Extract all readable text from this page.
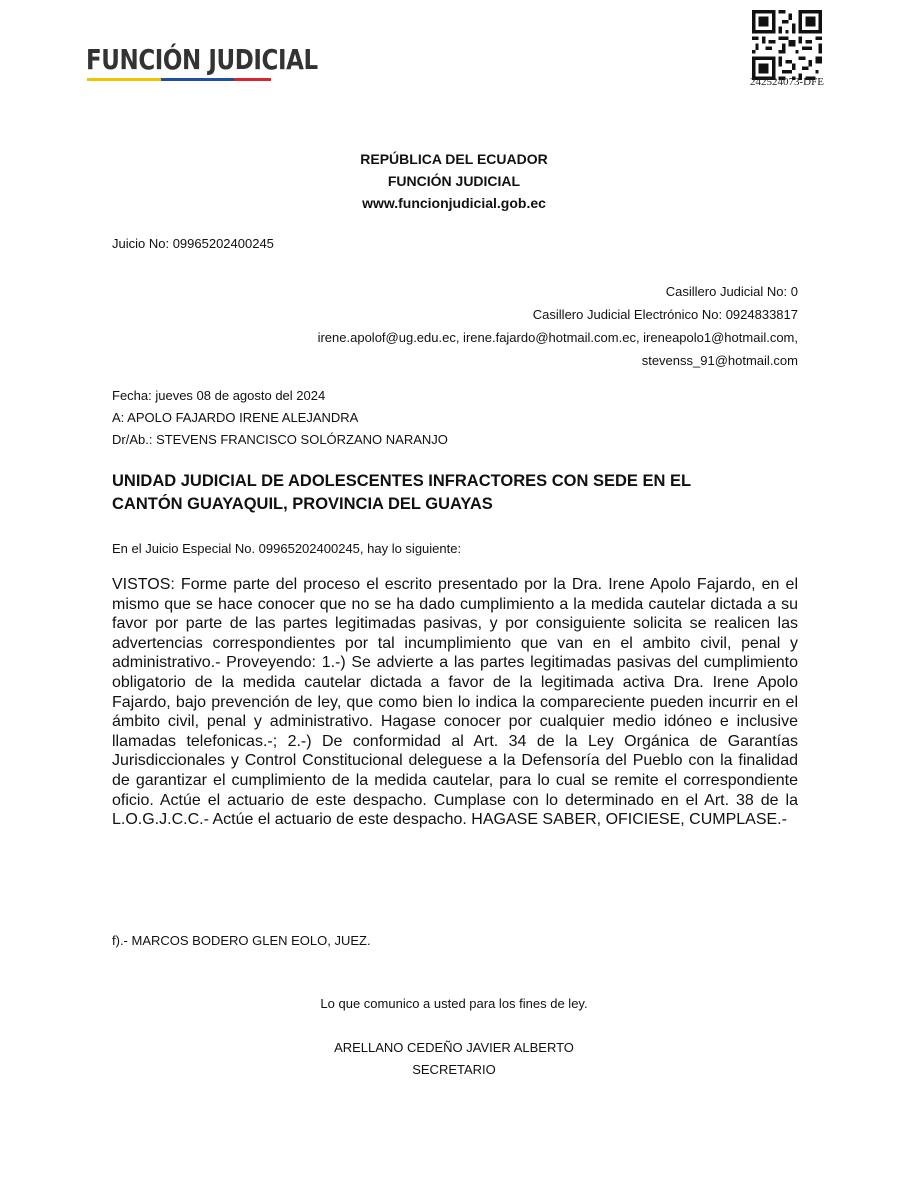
FUNCIÓN JUDICIAL
242524073-DFE
REPÚBLICA DEL ECUADOR
FUNCIÓN JUDICIAL
www.funcionjudicial.gob.ec
Juicio No: 09965202400245
Casillero Judicial No: 0
Casillero Judicial Electrónico No: 0924833817
irene.apolof@ug.edu.ec, irene.fajardo@hotmail.com.ec, ireneapolo1@hotmail.com,
stevenss_91@hotmail.com
Fecha: jueves 08 de agosto del 2024
A: APOLO FAJARDO IRENE ALEJANDRA
Dr/Ab.: STEVENS FRANCISCO SOLÓRZANO NARANJO
UNIDAD JUDICIAL DE ADOLESCENTES INFRACTORES CON SEDE EN EL
CANTÓN GUAYAQUIL, PROVINCIA DEL GUAYAS
En el Juicio Especial No. 09965202400245, hay lo siguiente:
VISTOS: Forme parte del proceso el escrito presentado por la Dra. Irene Apolo Fajardo, en el mismo que se hace conocer que no se ha dado cumplimiento a la medida cautelar dictada a su favor por parte de las partes legitimadas pasivas, y por consiguiente solicita se realicen las advertencias correspondientes por tal incumplimiento que van en el ambito civil, penal y administrativo.- Proveyendo: 1.-) Se advierte a las partes legitimadas pasivas del cumplimiento obligatorio de la medida cautelar dictada a favor de la legitimada activa Dra. Irene Apolo Fajardo, bajo prevención de ley, que como bien lo indica la compareciente pueden incurrir en el ámbito civil, penal y administrativo. Hagase conocer por cualquier medio idóneo e inclusive llamadas telefonicas.-; 2.-) De conformidad al Art. 34 de la Ley Orgánica de Garantías Jurisdiccionales y Control Constitucional deleguese a la Defensoría del Pueblo con la finalidad de garantizar el cumplimiento de la medida cautelar, para lo cual se remite el correspondiente oficio. Actúe el actuario de este despacho. Cumplase con lo determinado en el Art. 38 de la L.O.G.J.C.C.- Actúe el actuario de este despacho. HAGASE SABER, OFICIESE, CUMPLASE.-
f).- MARCOS BODERO GLEN EOLO, JUEZ.
Lo que comunico a usted para los fines de ley.
ARELLANO CEDEÑO JAVIER ALBERTO
SECRETARIO
